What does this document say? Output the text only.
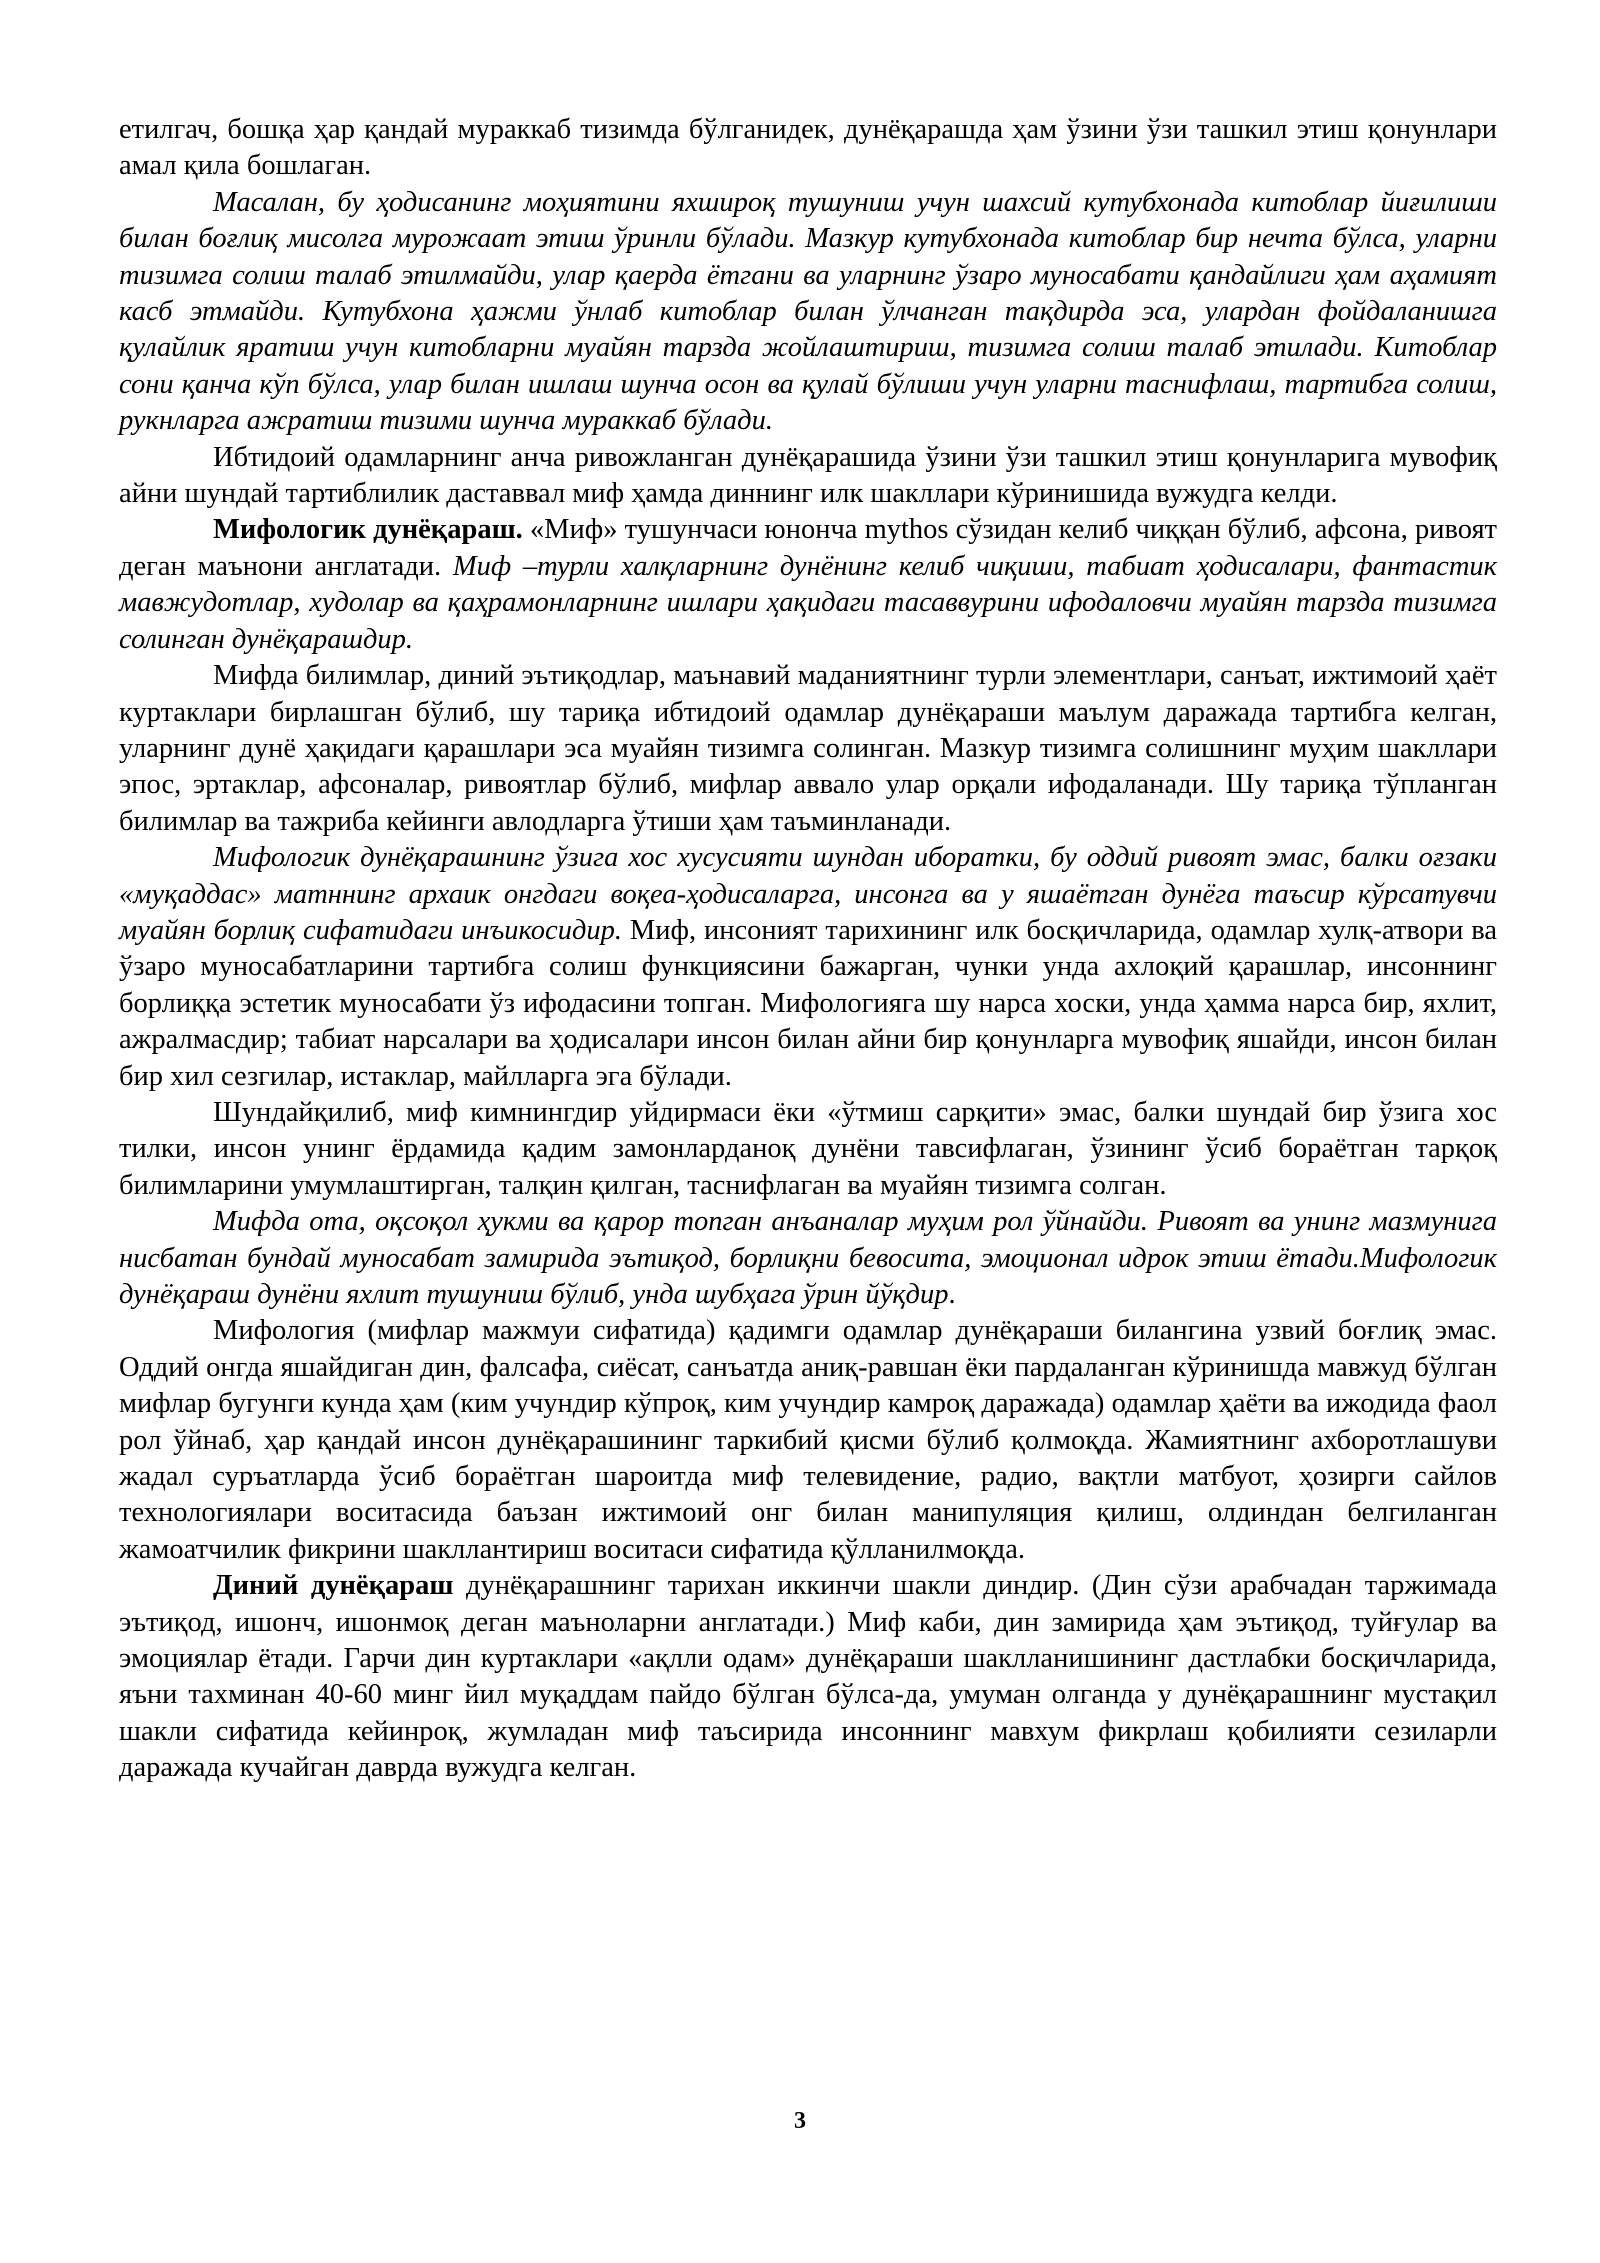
етилгач, бошқа ҳар қандай мураккаб тизимда бўлганидек, дунёқарашда ҳам ўзини ўзи ташкил этиш қонунлари амал қила бошлаган.

Масалан, бу ҳодисанинг моҳиятини яхшироқ тушуниш учун шахсий кутубхонада китоблар йиғилиши билан боғлиқ мисолга мурожаат этиш ўринли бўлади. Мазкур кутубхонада китоблар бир нечта бўлса, уларни тизимга солиш талаб этилмайди, улар қаерда ётгани ва уларнинг ўзаро муносабати қандайлиги ҳам аҳамият касб этмайди. Кутубхона ҳажми ўнлаб китоблар билан ўлчанган тақдирда эса, улардан фойдаланишга қулайлик яратиш учун китобларни муайян тарзда жойлаштириш, тизимга солиш талаб этилади. Китоблар сони қанча кўп бўлса, улар билан ишлаш шунча осон ва қулай бўлиши учун уларни таснифлаш, тартибга солиш, рукнларга ажратиш тизими шунча мураккаб бўлади.

Ибтидоий одамларнинг анча ривожланган дунёқарашида ўзини ўзи ташкил этиш қонунларига мувофиқ айни шундай тартиблилик даставвал миф ҳамда диннинг илк шакллари кўринишида вужудга келди.

Мифологик дунёқараш. «Миф» тушунчаси юнонча mythos сўзидан келиб чиққан бўлиб, афсона, ривоят деган маънони англатади. Миф –турли халқларнинг дунёнинг келиб чиқиши, табиат ҳодисалари, фантастик мавжудотлар, худолар ва қаҳрамонларнинг ишлари ҳақидаги тасаввурини ифодаловчи муайян тарзда тизимга солинган дунёқарашдир.

Мифда билимлар, диний эътиқодлар, маънавий маданиятнинг турли элементлари, санъат, ижтимоий ҳаёт куртаклари бирлашган бўлиб, шу тариқа ибтидоий одамлар дунёқараши маълум даражада тартибга келган, уларнинг дунё ҳақидаги қарашлари эса муайян тизимга солинган. Мазкур тизимга солишнинг муҳим шакллари эпос, эртаклар, афсоналар, ривоятлар бўлиб, мифлар аввало улар орқали ифодаланади. Шу тариқа тўпланган билимлар ва тажриба кейинги авлодларга ўтиши ҳам таъминланади.

Мифологик дунёқарашнинг ўзига хос хусусияти шундан иборатки, бу оддий ривоят эмас, балки оғзаки «муқаддас» матннинг архаик онгдаги воқеа-ҳодисаларга, инсонга ва у яшаётган дунёга таъсир кўрсатувчи муайян борлиқ сифатидаги инъикосидир. Миф, инсоният тарихининг илк босқичларида, одамлар хулқ-атвори ва ўзаро муносабатларини тартибга солиш функциясини бажарган, чунки унда ахлоқий қарашлар, инсоннинг борлиққа эстетик муносабати ўз ифодасини топган. Мифологияга шу нарса хоски, унда ҳамма нарса бир, яхлит, ажралмасдир; табиат нарсалари ва ҳодисалари инсон билан айни бир қонунларга мувофиқ яшайди, инсон билан бир хил сезгилар, истаклар, майлларга эга бўлади.

Шундайқилиб, миф кимнингдир уйдирмаси ёки «ўтмиш сарқити» эмас, балки шундай бир ўзига хос тилки, инсон унинг ёрдамида қадим замонларданоқ дунёни тавсифлаган, ўзининг ўсиб бораётган тарқоқ билимларини умумлаштирган, талқин қилган, таснифлаган ва муайян тизимга солган.

Мифда ота, оқсоқол ҳукми ва қарор топган анъаналар муҳим рол ўйнайди. Ривоят ва унинг мазмунига нисбатан бундай муносабат замирида эътиқод, борлиқни бевосита, эмоционал идрок этиш ётади.Мифологик дунёқараш дунёни яхлит тушуниш бўлиб, унда шубҳага ўрин йўқдир.

Мифология (мифлар мажмуи сифатида) қадимги одамлар дунёқараши билангина узвий боғлиқ эмас. Оддий онгда яшайдиган дин, фалсафа, сиёсат, санъатда аниқ-равшан ёки пардаланган кўринишда мавжуд бўлган мифлар бугунги кунда ҳам (ким учундир кўпроқ, ким учундир камроқ даражада) одамлар ҳаёти ва ижодида фаол рол ўйнаб, ҳар қандай инсон дунёқарашининг таркибий қисми бўлиб қолмоқда. Жамиятнинг ахборотлашуви жадал суръатларда ўсиб бораётган шароитда миф телевидение, радио, вақтли матбуот, ҳозирги сайлов технологиялари воситасида баъзан ижтимоий онг билан манипуляция қилиш, олдиндан белгиланган жамоатчилик фикрини шакллантириш воситаси сифатида қўлланилмоқда.

Диний дунёқараш дунёқарашнинг тарихан иккинчи шакли диндир. (Дин сўзи арабчадан таржимада эътиқод, ишонч, ишонмоқ деган маъноларни англатади.) Миф каби, дин замирида ҳам эътиқод, туйғулар ва эмоциялар ётади. Гарчи дин куртаклари «ақлли одам» дунёқараши шаклланишининг дастлабки босқичларида, яъни тахминан 40-60 минг йил муқаддам пайдо бўлган бўлса-да, умуман олганда у дунёқарашнинг мустақил шакли сифатида кейинроқ, жумладан миф таъсирида инсоннинг мавхум фикрлаш қобилияти сезиларли даражада кучайган даврда вужудга келган.

3
